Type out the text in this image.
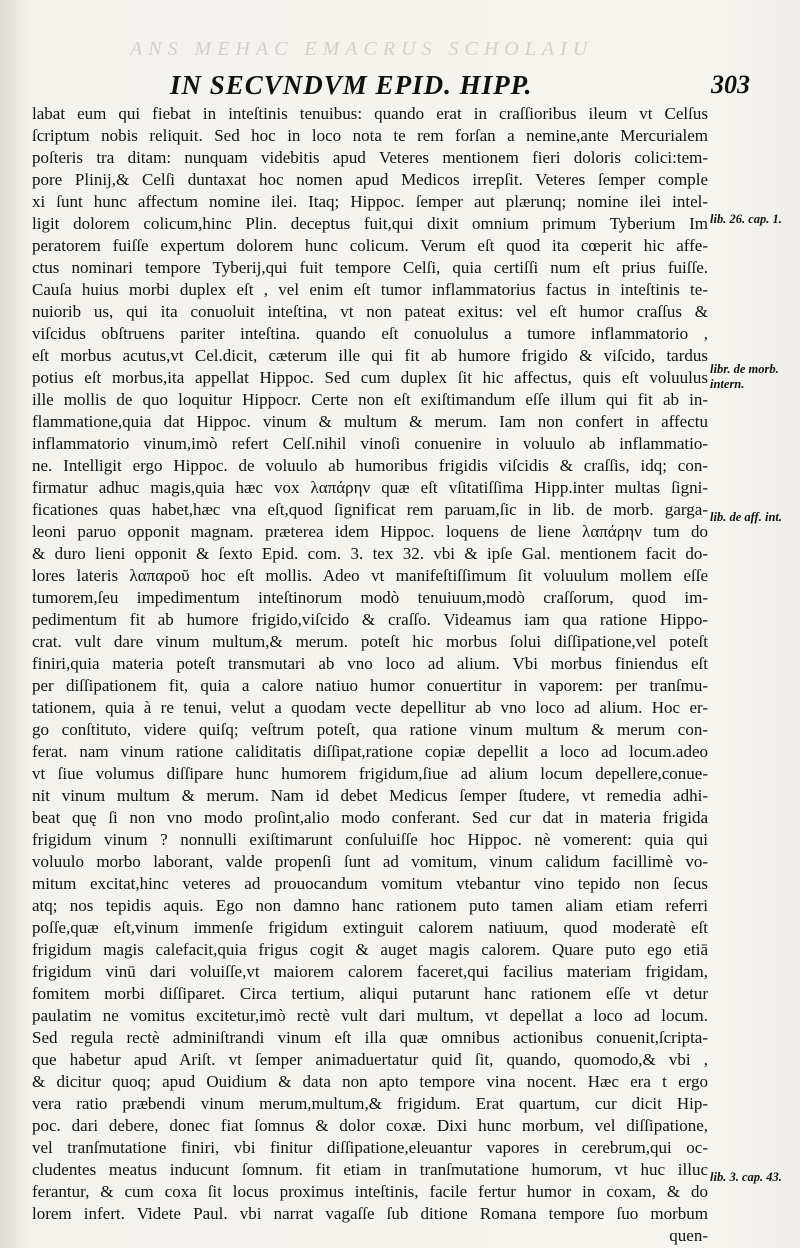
ANS MEHAC EMACRUS SCHOLAIU
IN SECVNDVM EPID. HIPP.	303
labat eum qui fiebat in inteſtinis tenuibus: quando erat in craſſioribus ileum vt Celſus
ſcriptum nobis reliquit. Sed hoc in loco nota te rem forſan a nemine,ante Mercurialem
poſteris tra ditam: nunquam videbitis apud Veteres mentionem fieri doloris colici:tem-
pore Plinij,& Celſi duntaxat hoc nomen apud Medicos irrepſit. Veteres ſemper comple
xi ſunt hunc affectum nomine ilei. Itaq; Hippoc. ſemper aut plærunq; nomine ilei intel-
ligit dolorem colicum,hinc Plin. deceptus fuit,qui dixit omnium primum Tyberium Im
peratorem fuiſſe expertum dolorem hunc colicum. Verum eſt quod ita cœperit hic affe-
ctus nominari tempore Tyberij,qui fuit tempore Celſi, quia certiſſi num eſt prius fuiſſe.
Cauſa huius morbi duplex eſt , vel enim eſt tumor inflammatorius factus in inteſtinis te-
nuiorib us, qui ita conuoluit inteſtina, vt non pateat exitus: vel eſt humor craſſus &
viſcidus obſtruens pariter inteſtina. quando eſt conuolulus a tumore inflammatorio ,
eſt morbus acutus,vt Cel.dicit, cæterum ille qui fit ab humore frigido & viſcido, tardus
potius eſt morbus,ita appellat Hippoc. Sed cum duplex ſit hic affectus, quis eſt voluulus
ille mollis de quo loquitur Hippocr. Certe non eſt exiſtimandum eſſe illum qui fit ab in-
flammatione,quia dat Hippoc. vinum & multum & merum. Iam non confert in affectu
inflammatorio vinum,imò refert Celſ.nihil vinoſi conuenire in voluulo ab inflammatio-
ne. Intelligit ergo Hippoc. de voluulo ab humoribus frigidis viſcidis & craſſis, idq; con-
firmatur adhuc magis,quia hæc vox λαπάρην quæ eſt vſitatiſſima Hipp.inter multas ſigni-
ficationes quas habet,hæc vna eſt,quod ſignificat rem paruam,ſic in lib. de morb. garga-
leoni paruo opponit magnam. præterea idem Hippoc. loquens de liene λαπάρην tum do
& duro lieni opponit & ſexto Epid. com. 3. tex 32. vbi & ipſe Gal. mentionem facit do-
lores lateris λαπαροῦ hoc eſt mollis. Adeo vt manifeſtiſſimum ſit voluulum mollem eſſe
tumorem,ſeu impedimentum inteſtinorum modò tenuiuum,modò craſſorum, quod im-
pedimentum fit ab humore frigido,viſcido & craſſo. Videamus iam qua ratione Hippo-
crat. vult dare vinum multum,& merum. poteſt hic morbus ſolui diſſipatione,vel poteſt
finiri,quia materia poteſt transmutari ab vno loco ad alium. Vbi morbus finiendus eſt
per diſſipationem fit, quia a calore natiuo humor conuertitur in vaporem: per tranſmu-
tationem, quia à re tenui, velut a quodam vecte depellitur ab vno loco ad alium. Hoc er-
go conſtituto, videre quiſq; veſtrum poteſt, qua ratione vinum multum & merum con-
ferat. nam vinum ratione caliditatis diſſipat,ratione copiæ depellit a loco ad locum.adeo
vt ſiue volumus diſſipare hunc humorem frigidum,ſiue ad alium locum depellere,conue-
nit vinum multum & merum. Nam id debet Medicus ſemper ſtudere, vt remedia adhi-
beat quę ſi non vno modo proſint,alio modo conferant. Sed cur dat in materia frigida
frigidum vinum ? nonnulli exiſtimarunt conſuluiſſe hoc Hippoc. nè vomerent: quia qui
voluulo morbo laborant, valde propenſi ſunt ad vomitum, vinum calidum facillimè vo-
mitum excitat,hinc veteres ad prouocandum vomitum vtebantur vino tepido non ſecus
atq; nos tepidis aquis. Ego non damno hanc rationem puto tamen aliam etiam referri
poſſe,quæ eſt,vinum immenſe frigidum extinguit calorem natiuum, quod moderatè eſt
frigidum magis calefacit,quia frigus cogit & auget magis calorem. Quare puto ego etiā
frigidum vinū dari voluiſſe,vt maiorem calorem faceret,qui facilius materiam frigidam,
fomitem morbi diſſiparet. Circa tertium, aliqui putarunt hanc rationem eſſe vt detur
paulatim ne vomitus excitetur,imò rectè vult dari multum, vt depellat a loco ad locum.
Sed regula rectè adminiſtrandi vinum eſt illa quæ omnibus actionibus conuenit,ſcripta-
que habetur apud Ariſt. vt ſemper animaduertatur quid ſit, quando, quomodo,& vbi ,
& dicitur quoq; apud Ouidium & data non apto tempore vina nocent. Hæc era t ergo
vera ratio præbendi vinum merum,multum,& frigidum. Erat quartum, cur dicit Hip-
poc. dari debere, donec fiat ſomnus & dolor coxæ. Dixi hunc morbum, vel diſſipatione,
vel tranſmutatione finiri, vbi finitur diſſipatione,eleuantur vapores in cerebrum,qui oc-
cludentes meatus inducunt ſomnum. fit etiam in tranſmutatione humorum, vt huc illuc
ferantur, & cum coxa ſit locus proximus inteſtinis, facile fertur humor in coxam, & do
lorem infert. Videte Paul. vbi narrat vagaſſe ſub ditione Romana tempore ſuo morbum
quen-
lib. 26. cap. 1.
libr. de morb.
intern.
lib. de aff. int.
lib. 3. cap. 43.
